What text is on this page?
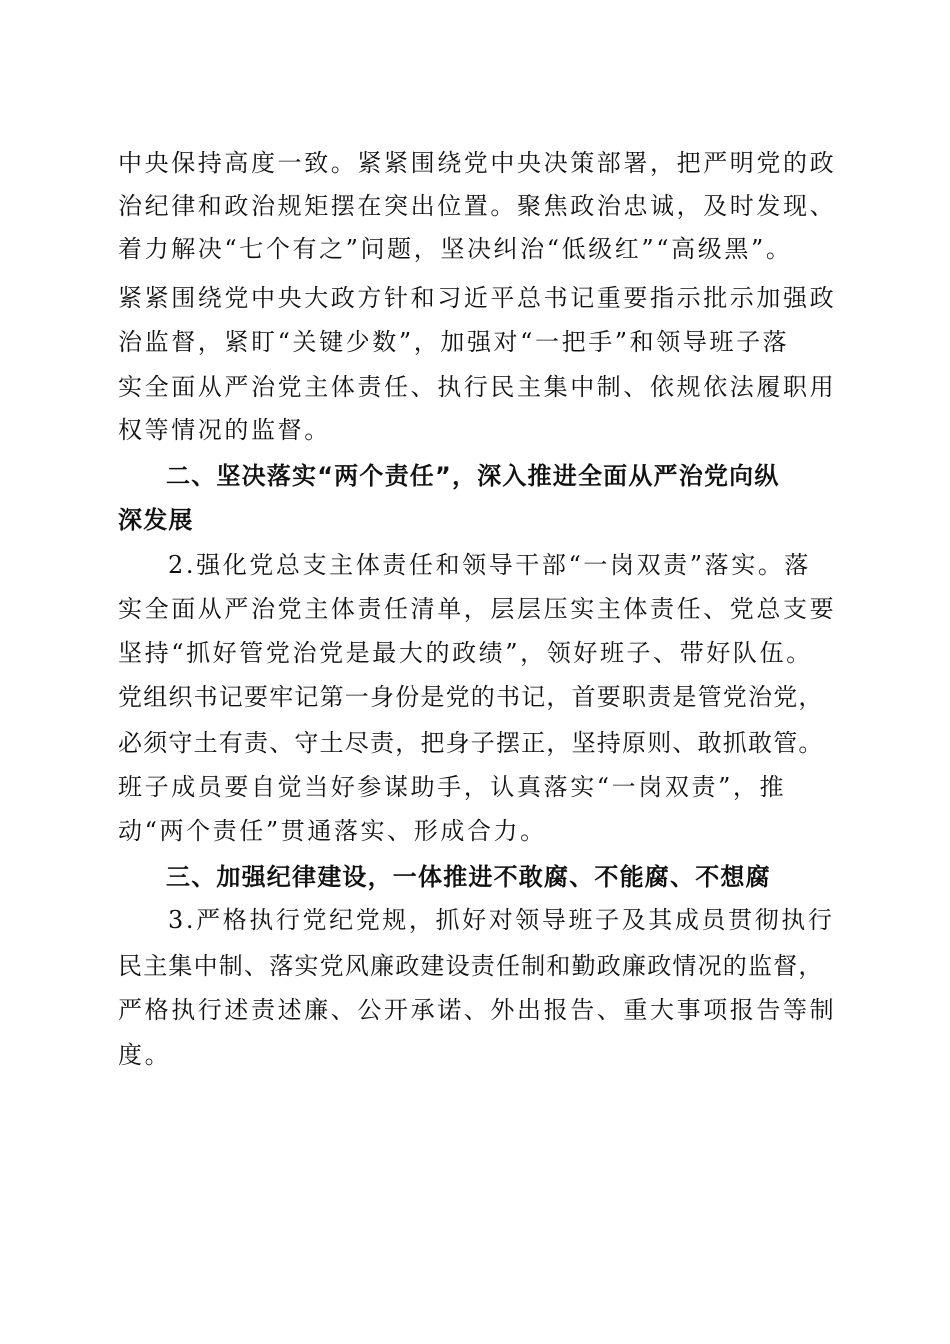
中央保持高度一致。紧紧围绕党中央决策部署，把严明党的政
治纪律和政治规矩摆在突出位置。聚焦政治忠诚，及时发现、
着力解决“七个有之”问题，坚决纠治“低级红”“高级黑”。
紧紧围绕党中央大政方针和习近平总书记重要指示批示加强政
治监督，紧盯“关键少数”，加强对“一把手”和领导班子落
实全面从严治党主体责任、执行民主集中制、依规依法履职用
权等情况的监督。
二、坚决落实“两个责任”，深入推进全面从严治党向纵
深发展
2.强化党总支主体责任和领导干部“一岗双责”落实。落
实全面从严治党主体责任清单，层层压实主体责任、党总支要
坚持“抓好管党治党是最大的政绩”，领好班子、带好队伍。
党组织书记要牢记第一身份是党的书记，首要职责是管党治党，
必须守土有责、守土尽责，把身子摆正，坚持原则、敢抓敢管。
班子成员要自觉当好参谋助手，认真落实“一岗双责”，推
动“两个责任”贯通落实、形成合力。
三、加强纪律建设，一体推进不敢腐、不能腐、不想腐
3.严格执行党纪党规，抓好对领导班子及其成员贯彻执行
民主集中制、落实党风廉政建设责任制和勤政廉政情况的监督，
严格执行述责述廉、公开承诺、外出报告、重大事项报告等制
度。
